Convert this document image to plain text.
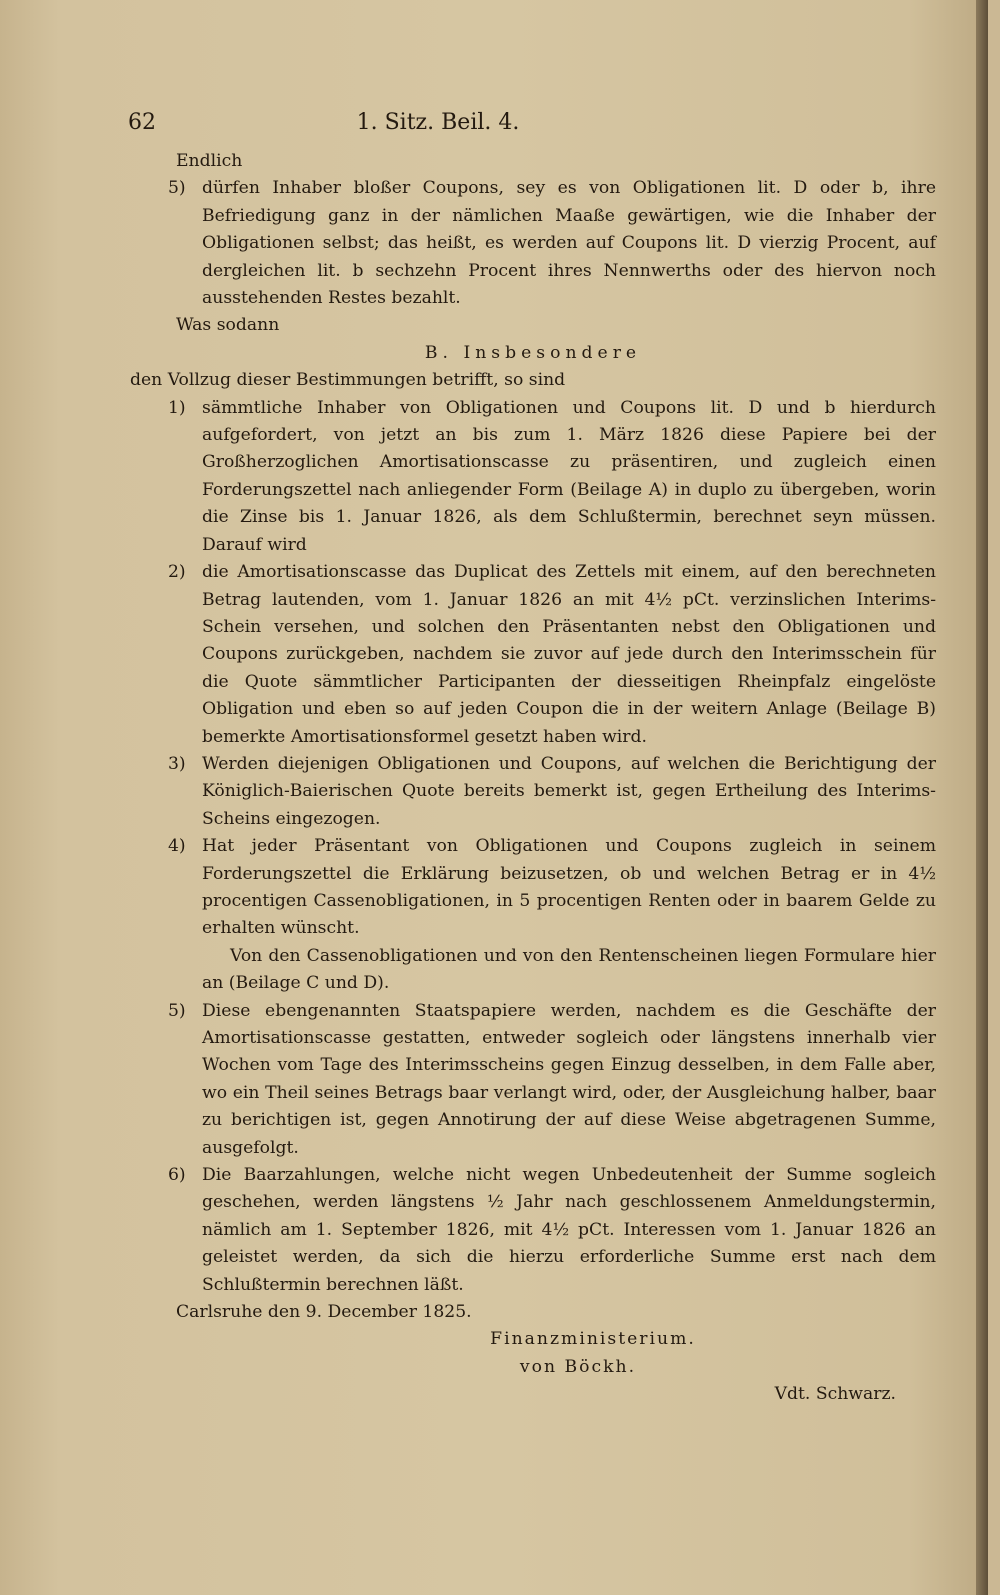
62	1. Sitz. Beil. 4.

Endlich

5) dürfen Inhaber bloßer Coupons, sey es von Obligationen lit. D oder b, ihre Befriedigung ganz in der nämlichen Maaße gewärtigen, wie die Inhaber der Obligationen selbst; das heißt, es werden auf Coupons lit. D vierzig Procent, auf dergleichen lit. b sechzehn Procent ihres Nennwerths oder des hiervon noch ausstehenden Restes bezahlt.

Was sodann

B. Insbesondere

den Vollzug dieser Bestimmungen betrifft, so sind

1) sämmtliche Inhaber von Obligationen und Coupons lit. D und b hierdurch aufgefordert, von jetzt an bis zum 1. März 1826 diese Papiere bei der Großherzoglichen Amortisationscasse zu präsentiren, und zugleich einen Forderungszettel nach anliegender Form (Beilage A) in duplo zu übergeben, worin die Zinse bis 1. Januar 1826, als dem Schlußtermin, berechnet seyn müssen. Darauf wird
2) die Amortisationscasse das Duplicat des Zettels mit einem, auf den berechneten Betrag lautenden, vom 1. Januar 1826 an mit 4½ pCt. verzinslichen Interims-Schein versehen, und solchen den Präsentanten nebst den Obligationen und Coupons zurückgeben, nachdem sie zuvor auf jede durch den Interimsschein für die Quote sämmtlicher Participanten der diesseitigen Rheinpfalz eingelöste Obligation und eben so auf jeden Coupon die in der weitern Anlage (Beilage B) bemerkte Amortisationsformel gesetzt haben wird.
3) Werden diejenigen Obligationen und Coupons, auf welchen die Berichtigung der Königlich-Baierischen Quote bereits bemerkt ist, gegen Ertheilung des Interims-Scheins eingezogen.
4) Hat jeder Präsentant von Obligationen und Coupons zugleich in seinem Forderungszettel die Erklärung beizusetzen, ob und welchen Betrag er in 4½ procentigen Cassenobligationen, in 5 procentigen Renten oder in baarem Gelde zu erhalten wünscht.

Von den Cassenobligationen und von den Rentenscheinen liegen Formulare hier an (Beilage C und D).

5) Diese ebengenannten Staatspapiere werden, nachdem es die Geschäfte der Amortisationscasse gestatten, entweder sogleich oder längstens innerhalb vier Wochen vom Tage des Interimsscheins gegen Einzug desselben, in dem Falle aber, wo ein Theil seines Betrags baar verlangt wird, oder, der Ausgleichung halber, baar zu berichtigen ist, gegen Annotirung der auf diese Weise abgetragenen Summe, ausgefolgt.
6) Die Baarzahlungen, welche nicht wegen Unbedeutenheit der Summe sogleich geschehen, werden längstens ½ Jahr nach geschlossenem Anmeldungstermin, nämlich am 1. September 1826, mit 4½ pCt. Interessen vom 1. Januar 1826 an geleistet werden, da sich die hierzu erforderliche Summe erst nach dem Schlußtermin berechnen läßt.

Carlsruhe den 9. December 1825.

Finanzministerium.

von Böckh.

Vdt. Schwarz.
